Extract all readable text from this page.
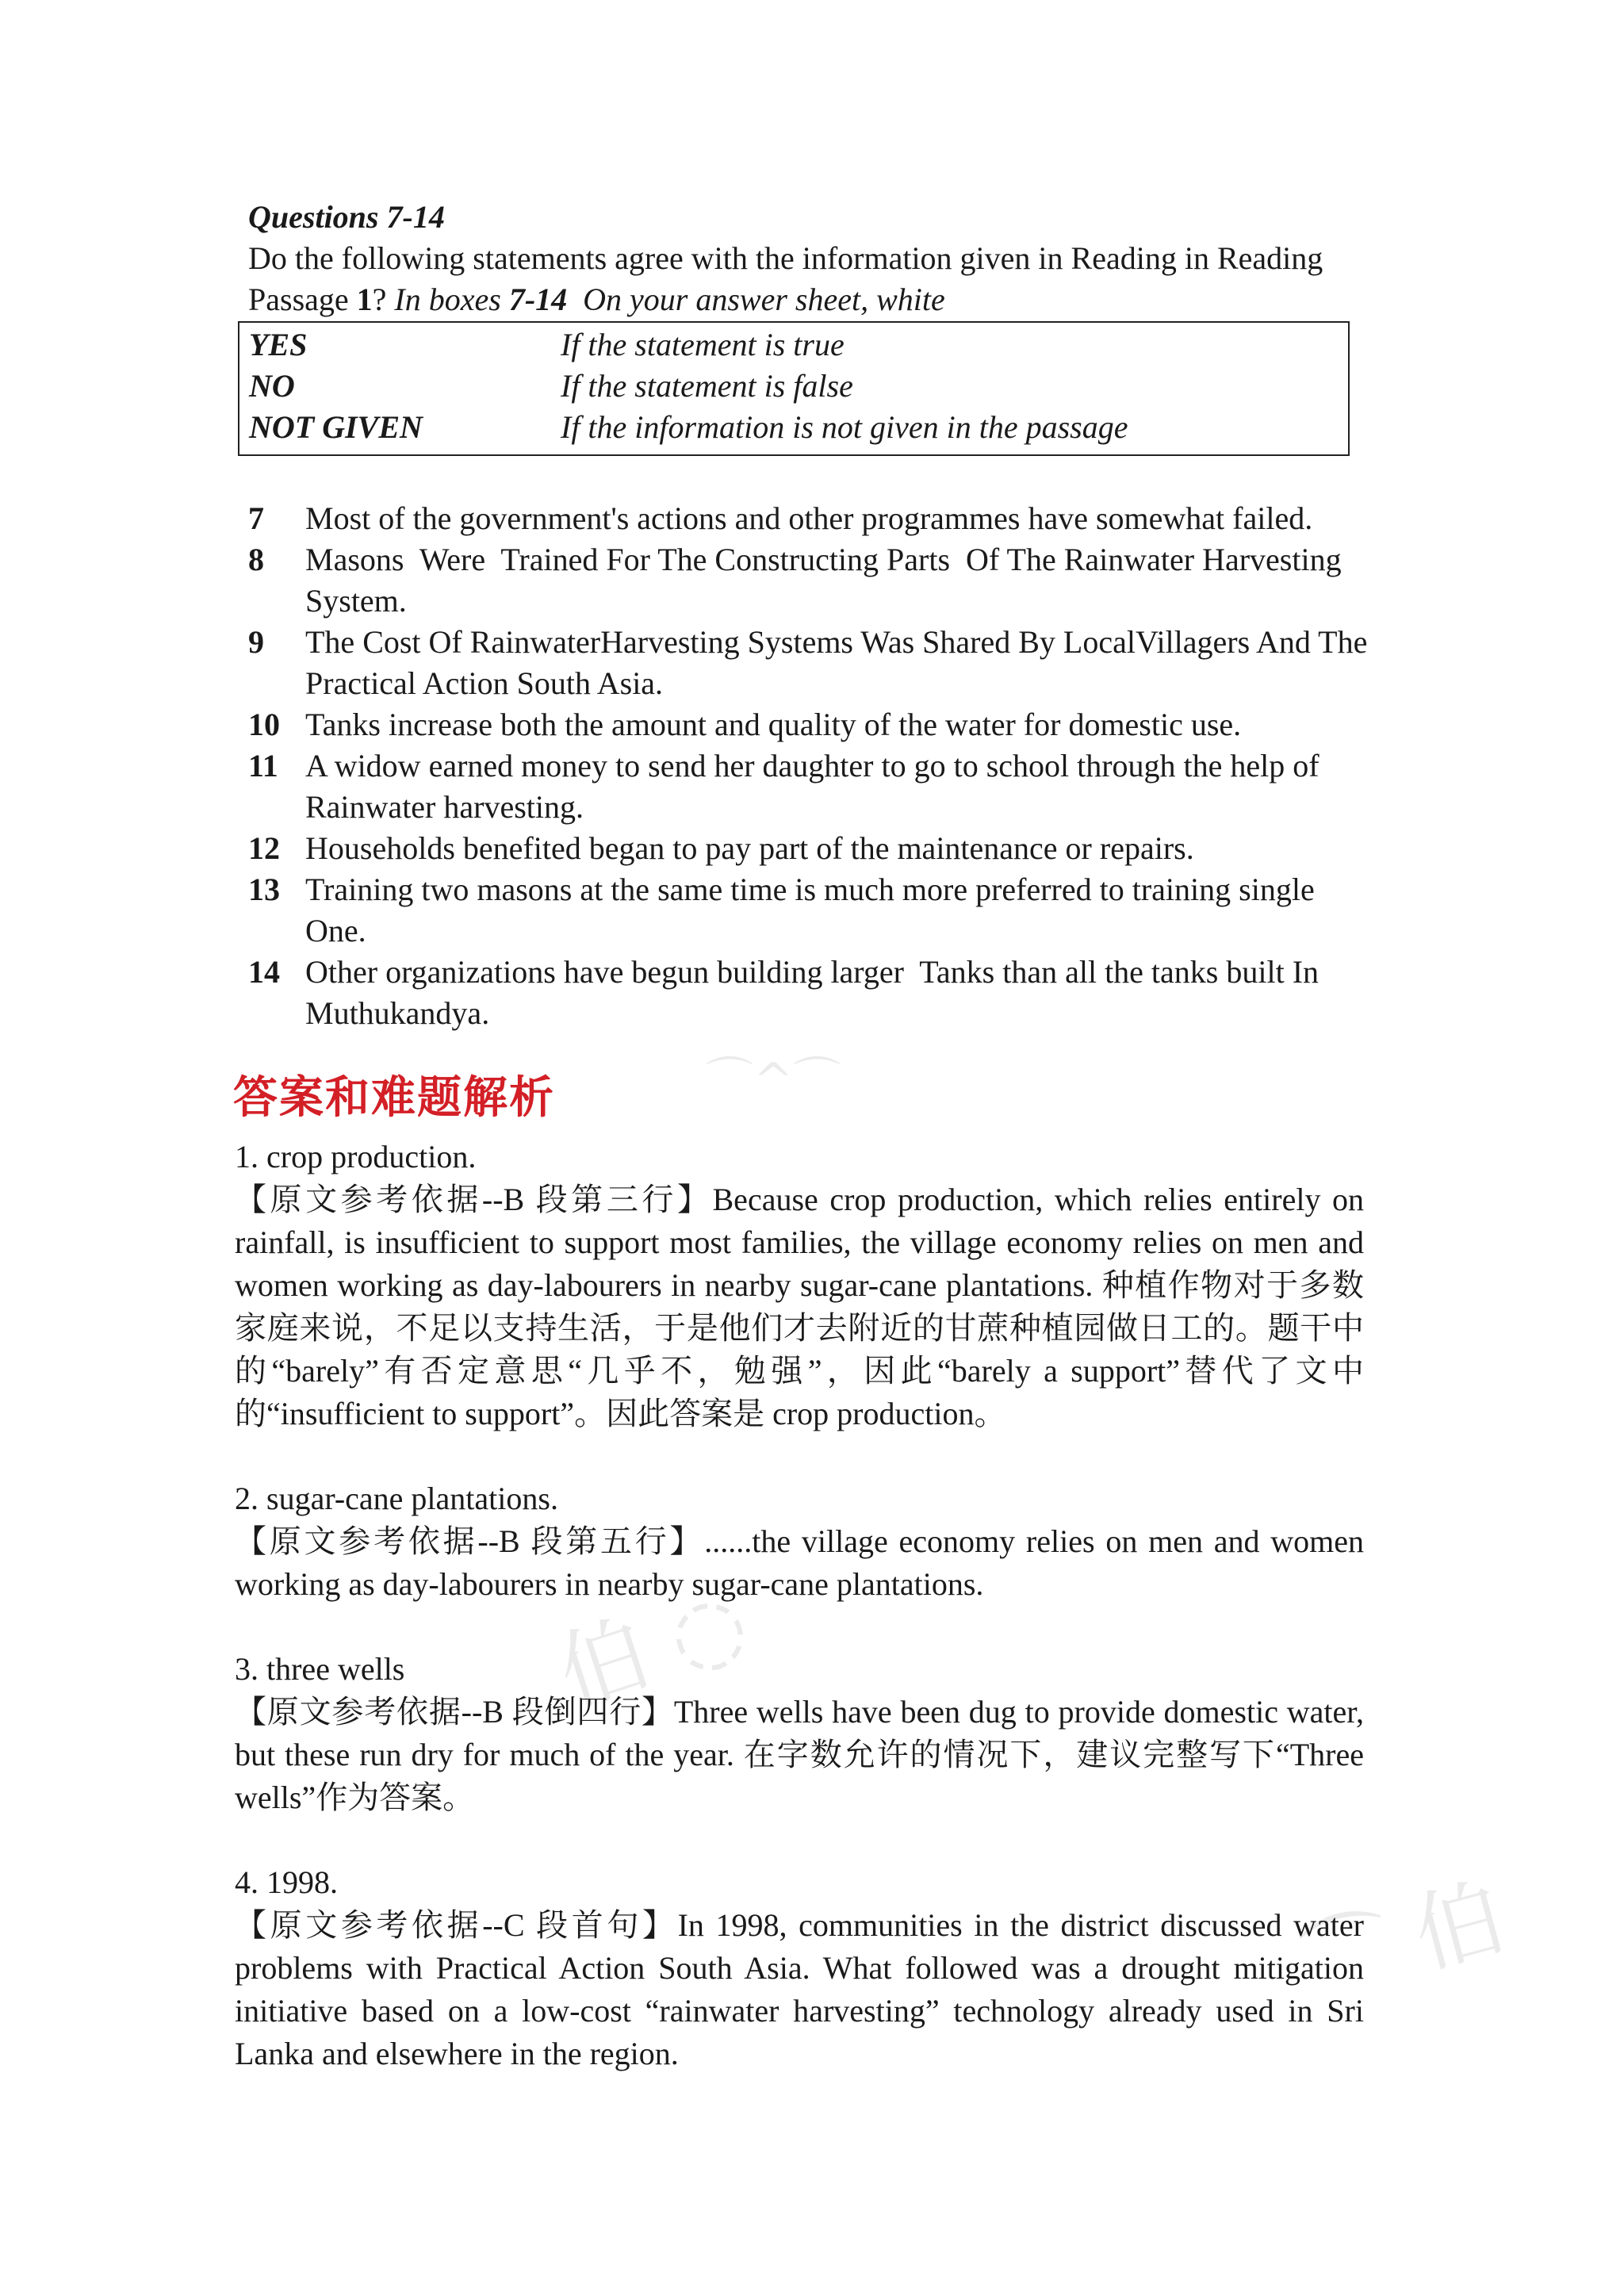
⌒^⌒
伯 ◌
⌒ 伯
Questions 7-14
Do the following statements agree with the information given in Reading in Reading
Passage 1? In boxes 7-14  On your answer sheet, white
YES	If the statement is true
NO	If the statement is false
NOT GIVEN	If the information is not given in the passage
7 Most of the government's actions and other programmes have somewhat failed.
8 Masons  Were  Trained For The Constructing Parts  Of The Rainwater Harvesting System.
9 The Cost Of RainwaterHarvesting Systems Was Shared By LocalVillagers And The Practical Action South Asia.
10 Tanks increase both the amount and quality of the water for domestic use.
11 A widow earned money to send her daughter to go to school through the help of Rainwater harvesting.
12 Households benefited began to pay part of the maintenance or repairs.
13 Training two masons at the same time is much more preferred to training single One.
14 Other organizations have begun building larger  Tanks than all the tanks built In Muthukandya.
答案和难题解析
1. crop production.
【原文参考依据--B 段第三行】Because crop production, which relies entirely on rainfall, is insufficient to support most families, the village economy relies on men and women working as day-labourers in nearby sugar-cane plantations. 种植作物对于多数家庭来说，不足以支持生活，于是他们才去附近的甘蔗种植园做日工的。题干中的“barely”有否定意思“几乎不，勉强”，因此“barely a support”替代了文中的“insufficient to support”。因此答案是 crop production。
2. sugar-cane plantations.
【原文参考依据--B 段第五行】......the village economy relies on men and women working as day-labourers in nearby sugar-cane plantations.
3. three wells
【原文参考依据--B 段倒四行】Three wells have been dug to provide domestic water, but these run dry for much of the year. 在字数允许的情况下，建议完整写下“Three wells”作为答案。
4. 1998.
【原文参考依据--C 段首句】In 1998, communities in the district discussed water problems with Practical Action South Asia. What followed was a drought mitigation initiative based on a low-cost “rainwater harvesting” technology already used in Sri Lanka and elsewhere in the region.
